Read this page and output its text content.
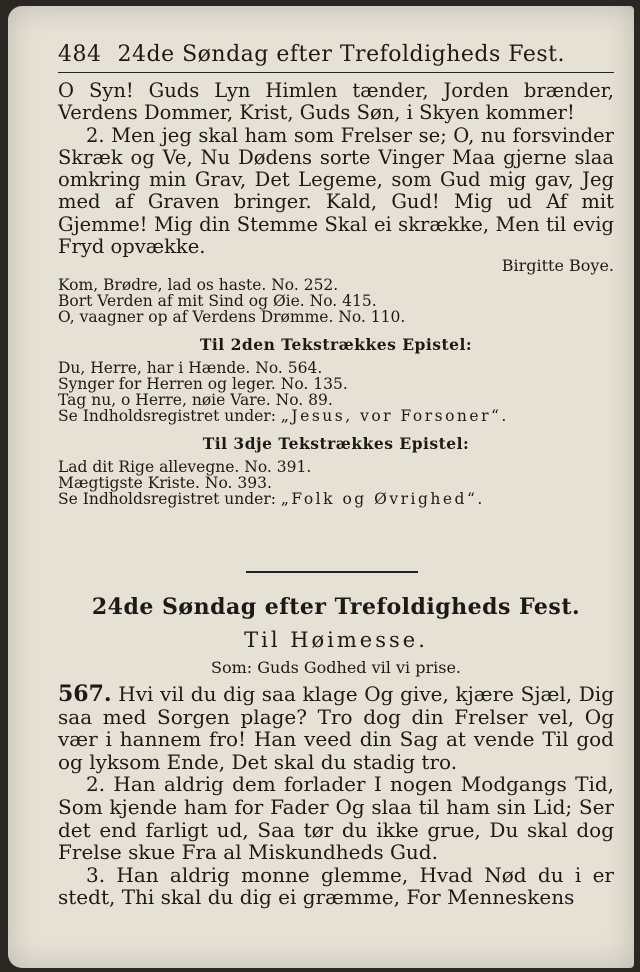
484 24de Søndag efter Trefoldigheds Fest.
O Syn! Guds Lyn Himlen tænder, Jorden brænder, Verdens Dommer, Krist, Guds Søn, i Skyen kommer!
2. Men jeg skal ham som Frelser se; O, nu forsvinder Skræk og Ve, Nu Dødens sorte Vinger Maa gjerne slaa omkring min Grav, Det Legeme, som Gud mig gav, Jeg med af Graven bringer. Kald, Gud! Mig ud Af mit Gjemme! Mig din Stemme Skal ei skrække, Men til evig Fryd opvække.
Birgitte Boye.
Kom, Brødre, lad os haste. No. 252.
Bort Verden af mit Sind og Øie. No. 415.
O, vaagner op af Verdens Drømme. No. 110.
Til 2den Tekstrækkes Epistel:
Du, Herre, har i Hænde. No. 564.
Synger for Herren og leger. No. 135.
Tag nu, o Herre, nøie Vare. No. 89.
Se Indholdsregistret under: „Jesus, vor Forsoner“.
Til 3dje Tekstrækkes Epistel:
Lad dit Rige allevegne. No. 391.
Mægtigste Kriste. No. 393.
Se Indholdsregistret under: „Folk og Øvrighed“.
24de Søndag efter Trefoldigheds Fest.
Til Høimesse.
Som: Guds Godhed vil vi prise.
567. Hvi vil du dig saa klage Og give, kjære Sjæl, Dig saa med Sorgen plage? Tro dog din Frelser vel, Og vær i hannem fro! Han veed din Sag at vende Til god og lyksom Ende, Det skal du stadig tro.
2. Han aldrig dem forlader I nogen Modgangs Tid, Som kjende ham for Fader Og slaa til ham sin Lid; Ser det end farligt ud, Saa tør du ikke grue, Du skal dog Frelse skue Fra al Miskundheds Gud.
3. Han aldrig monne glemme, Hvad Nød du i er stedt, Thi skal du dig ei græmme, For Menneskens
